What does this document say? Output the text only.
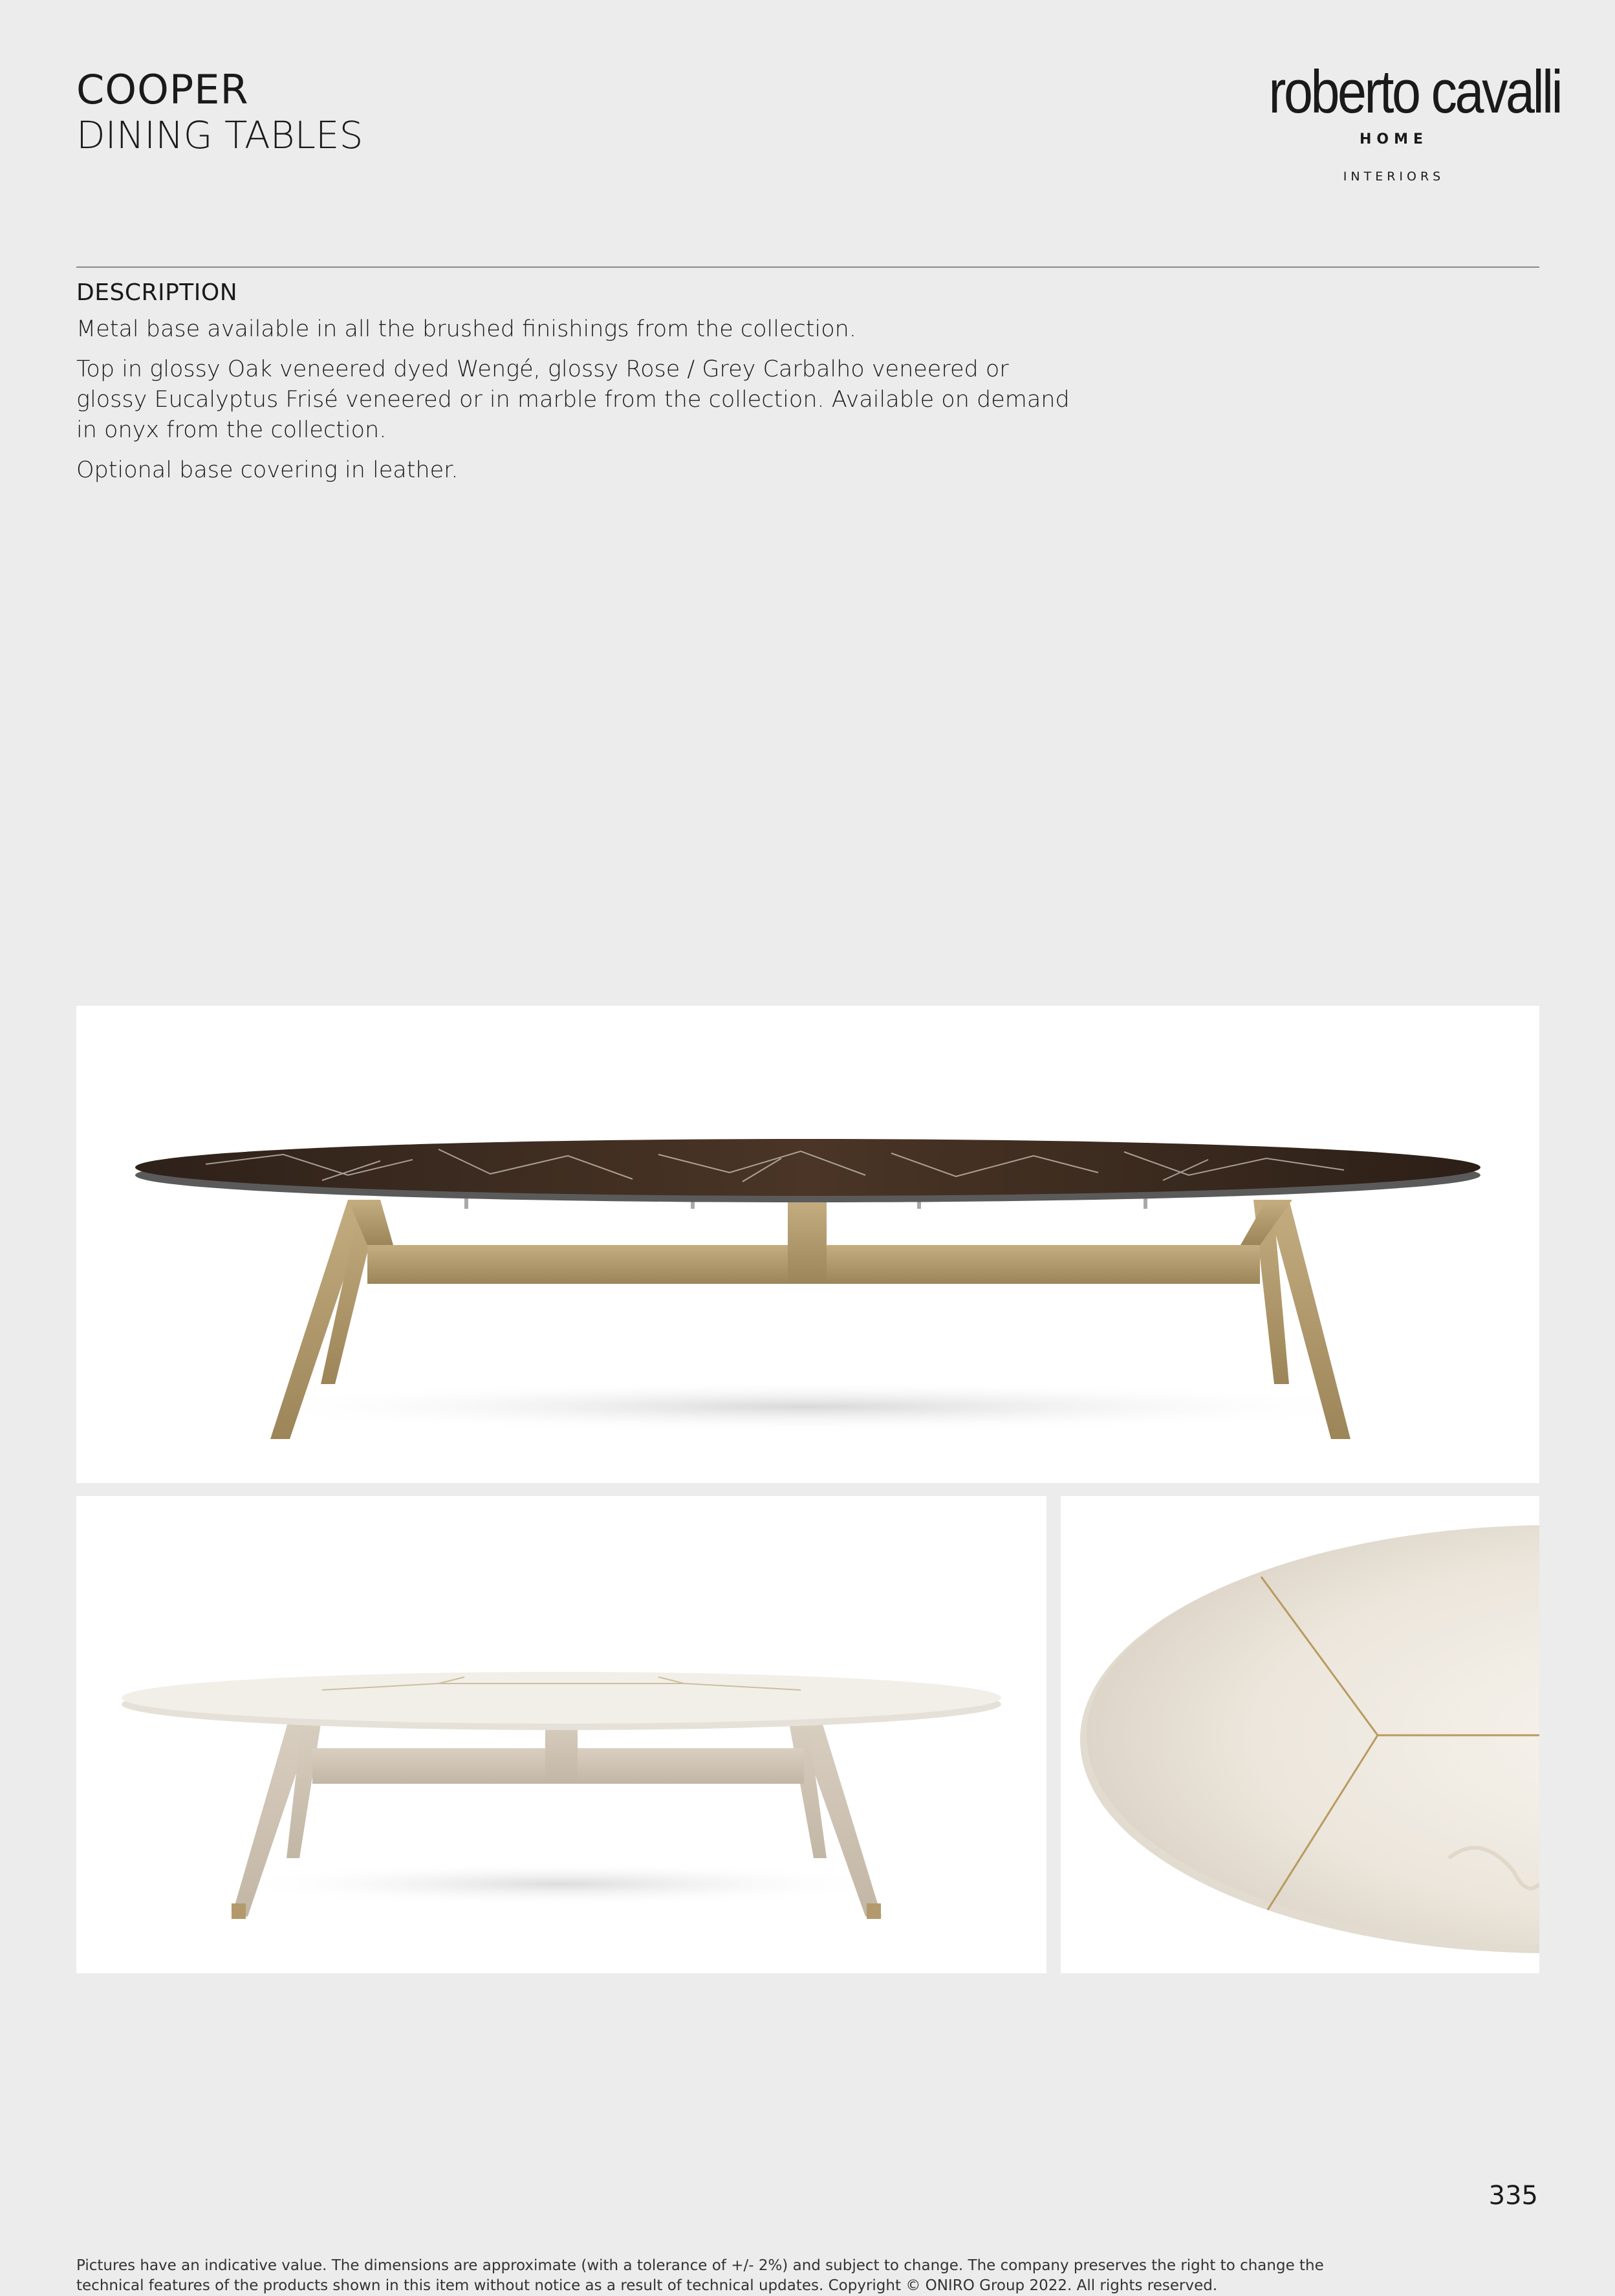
COOPER
DINING TABLES
roberto cavalli
HOME
INTERIORS
DESCRIPTION
Metal base available in all the brushed finishings from the collection.
Top in glossy Oak veneered dyed Wengé, glossy Rose / Grey Carbalho veneered or glossy Eucalyptus Frisé veneered or in marble from the collection. Available on demand in onyx from the collection.
Optional base covering in leather.
335
Pictures have an indicative value. The dimensions are approximate (with a tolerance of +/- 2%) and subject to change. The company preserves the right to change the technical features of the products shown in this item without notice as a result of technical updates. Copyright © ONIRO Group 2022. All rights reserved.
